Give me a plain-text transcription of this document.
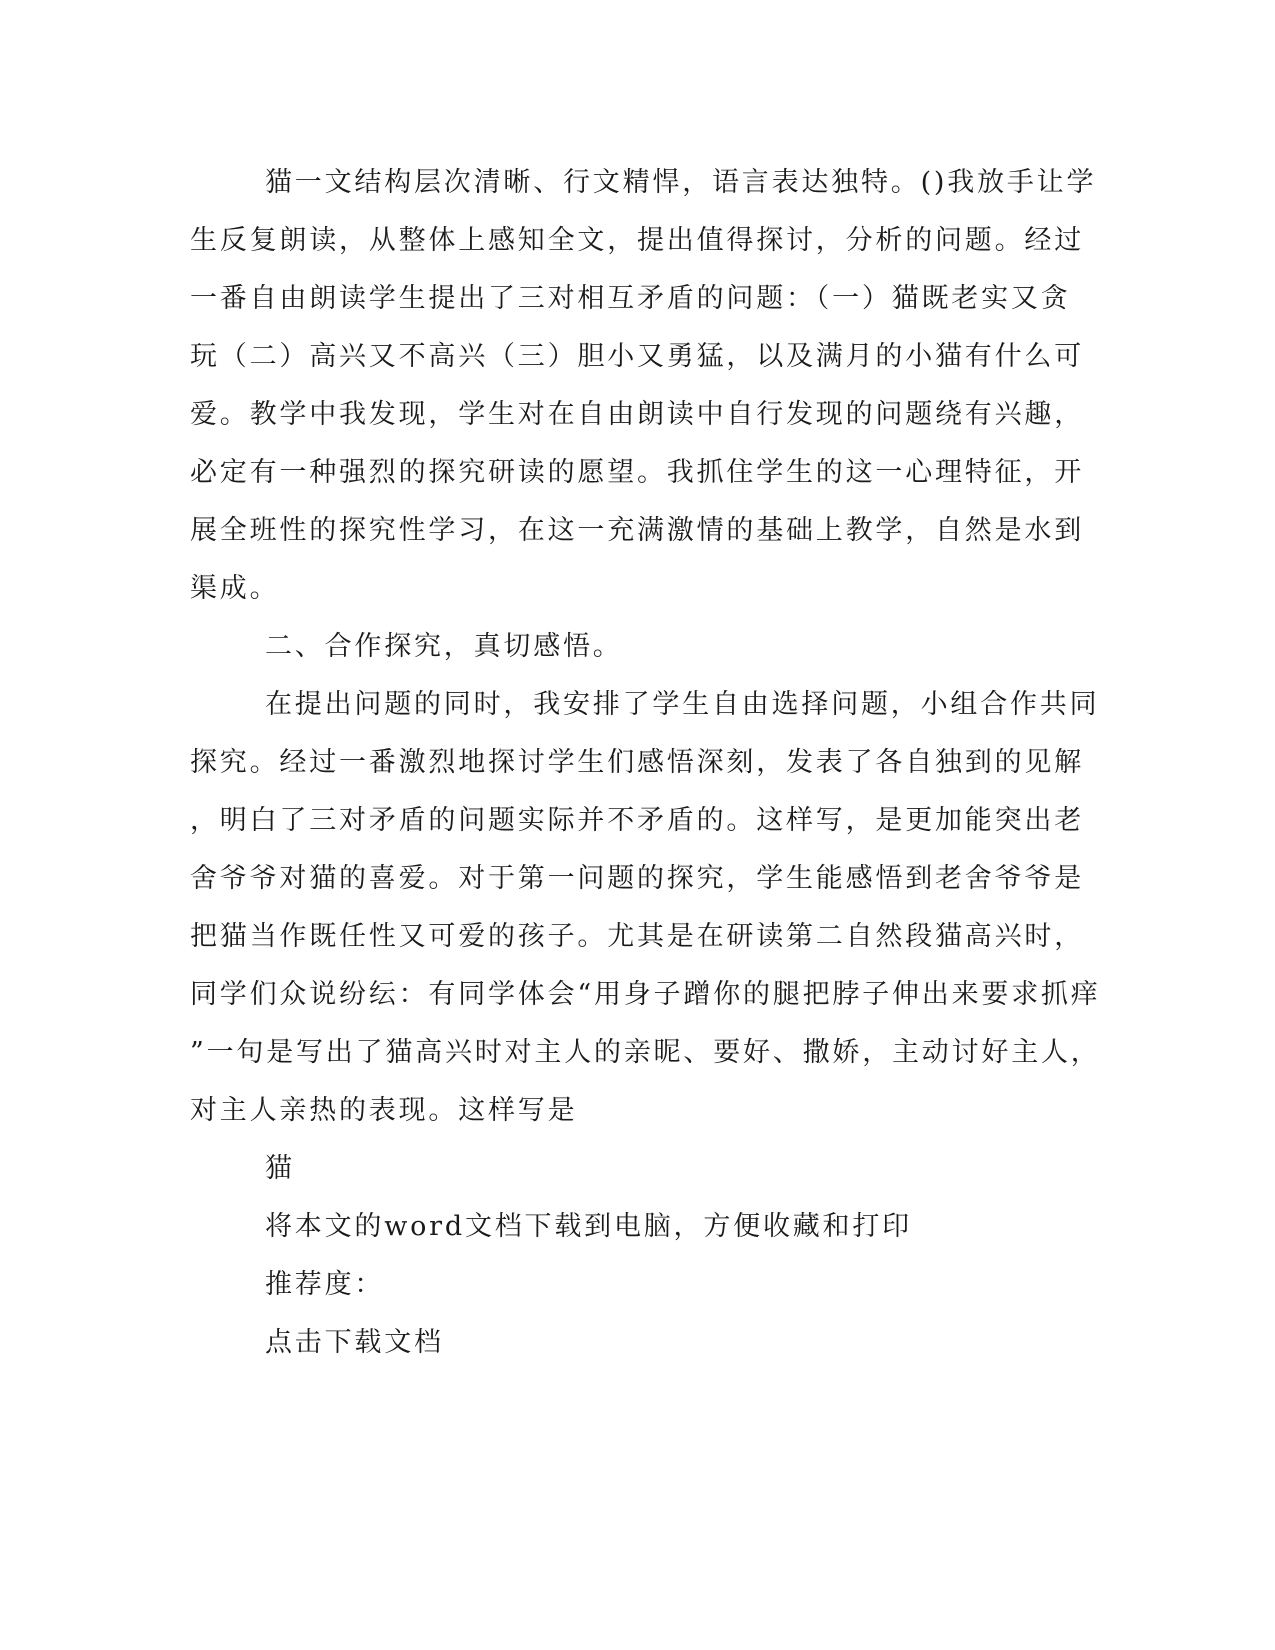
猫一文结构层次清晰、行文精悍，语言表达独特。()我放手让学
生反复朗读，从整体上感知全文，提出值得探讨，分析的问题。经过
一番自由朗读学生提出了三对相互矛盾的问题：（一）猫既老实又贪
玩（二）高兴又不高兴（三）胆小又勇猛，以及满月的小猫有什么可
爱。教学中我发现，学生对在自由朗读中自行发现的问题绕有兴趣，
必定有一种强烈的探究研读的愿望。我抓住学生的这一心理特征，开
展全班性的探究性学习，在这一充满激情的基础上教学，自然是水到
渠成。
二、合作探究，真切感悟。
在提出问题的同时，我安排了学生自由选择问题，小组合作共同
探究。经过一番激烈地探讨学生们感悟深刻，发表了各自独到的见解
，明白了三对矛盾的问题实际并不矛盾的。这样写，是更加能突出老
舍爷爷对猫的喜爱。对于第一问题的探究，学生能感悟到老舍爷爷是
把猫当作既任性又可爱的孩子。尤其是在研读第二自然段猫高兴时，
同学们众说纷纭：有同学体会“用身子蹭你的腿把脖子伸出来要求抓痒
”一句是写出了猫高兴时对主人的亲昵、要好、撒娇，主动讨好主人，
对主人亲热的表现。这样写是
猫
将本文的word文档下载到电脑，方便收藏和打印
推荐度：
点击下载文档
